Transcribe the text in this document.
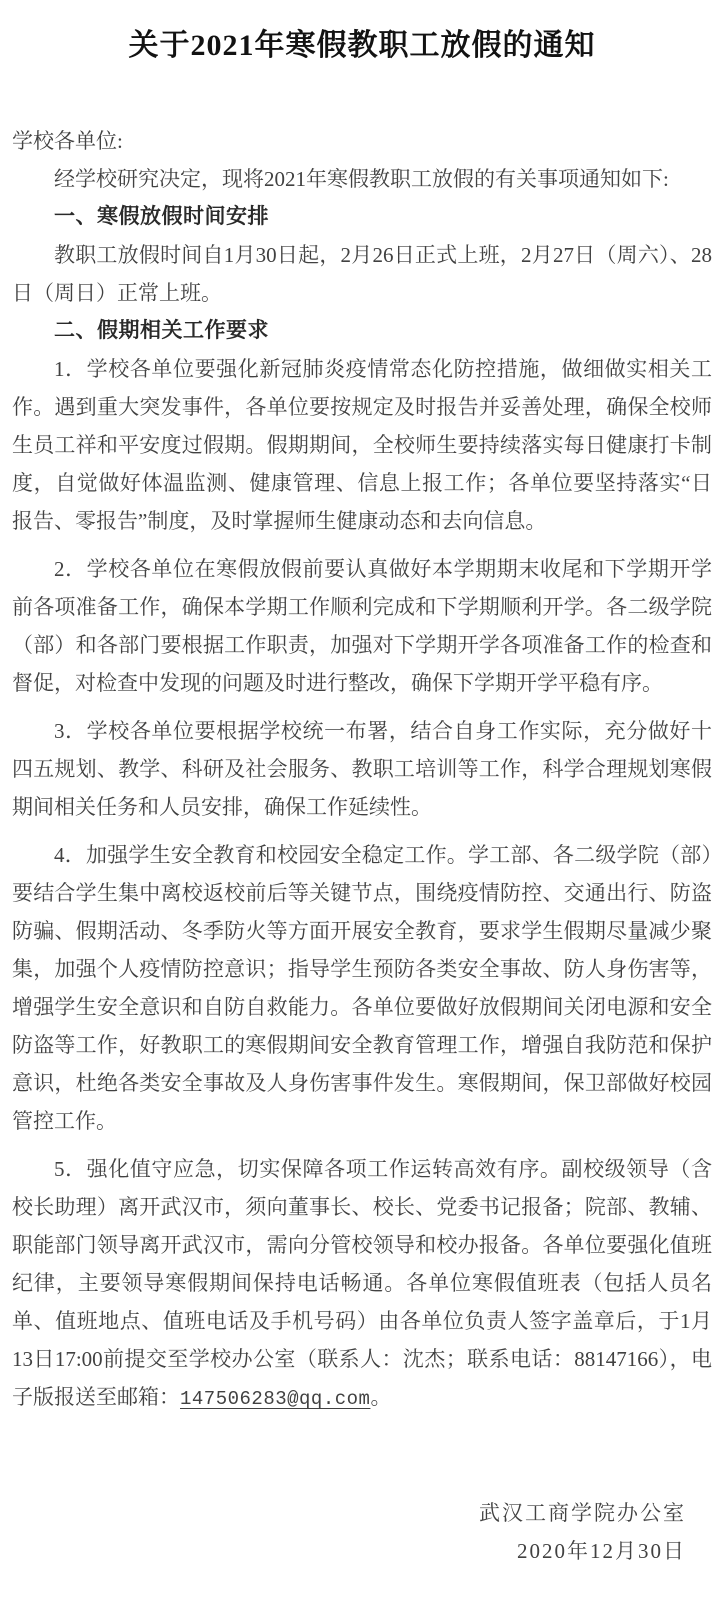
关于2021年寒假教职工放假的通知

学校各单位:

经学校研究决定，现将2021年寒假教职工放假的有关事项通知如下:

一、寒假放假时间安排

教职工放假时间自1月30日起，2月26日正式上班，2月27日（周六）、28日（周日）正常上班。

二、假期相关工作要求

1．学校各单位要强化新冠肺炎疫情常态化防控措施，做细做实相关工作。遇到重大突发事件，各单位要按规定及时报告并妥善处理，确保全校师生员工祥和平安度过假期。假期期间，全校师生要持续落实每日健康打卡制度，自觉做好体温监测、健康管理、信息上报工作；各单位要坚持落实“日报告、零报告”制度，及时掌握师生健康动态和去向信息。

2．学校各单位在寒假放假前要认真做好本学期期末收尾和下学期开学前各项准备工作，确保本学期工作顺利完成和下学期顺利开学。各二级学院（部）和各部门要根据工作职责，加强对下学期开学各项准备工作的检查和督促，对检查中发现的问题及时进行整改，确保下学期开学平稳有序。

3．学校各单位要根据学校统一布署，结合自身工作实际，充分做好十四五规划、教学、科研及社会服务、教职工培训等工作，科学合理规划寒假期间相关任务和人员安排，确保工作延续性。

4．加强学生安全教育和校园安全稳定工作。学工部、各二级学院（部）要结合学生集中离校返校前后等关键节点，围绕疫情防控、交通出行、防盗防骗、假期活动、冬季防火等方面开展安全教育，要求学生假期尽量减少聚集，加强个人疫情防控意识；指导学生预防各类安全事故、防人身伤害等，增强学生安全意识和自防自救能力。各单位要做好放假期间关闭电源和安全防盗等工作，好教职工的寒假期间安全教育管理工作，增强自我防范和保护意识，杜绝各类安全事故及人身伤害事件发生。寒假期间，保卫部做好校园管控工作。

5．强化值守应急，切实保障各项工作运转高效有序。副校级领导（含校长助理）离开武汉市，须向董事长、校长、党委书记报备；院部、教辅、职能部门领导离开武汉市，需向分管校领导和校办报备。各单位要强化值班纪律，主要领导寒假期间保持电话畅通。各单位寒假值班表（包括人员名单、值班地点、值班电话及手机号码）由各单位负责人签字盖章后，于1月13日17:00前提交至学校办公室（联系人：沈杰；联系电话：88147166），电子版报送至邮箱：147506283@qq.com。

武汉工商学院办公室

2020年12月30日
